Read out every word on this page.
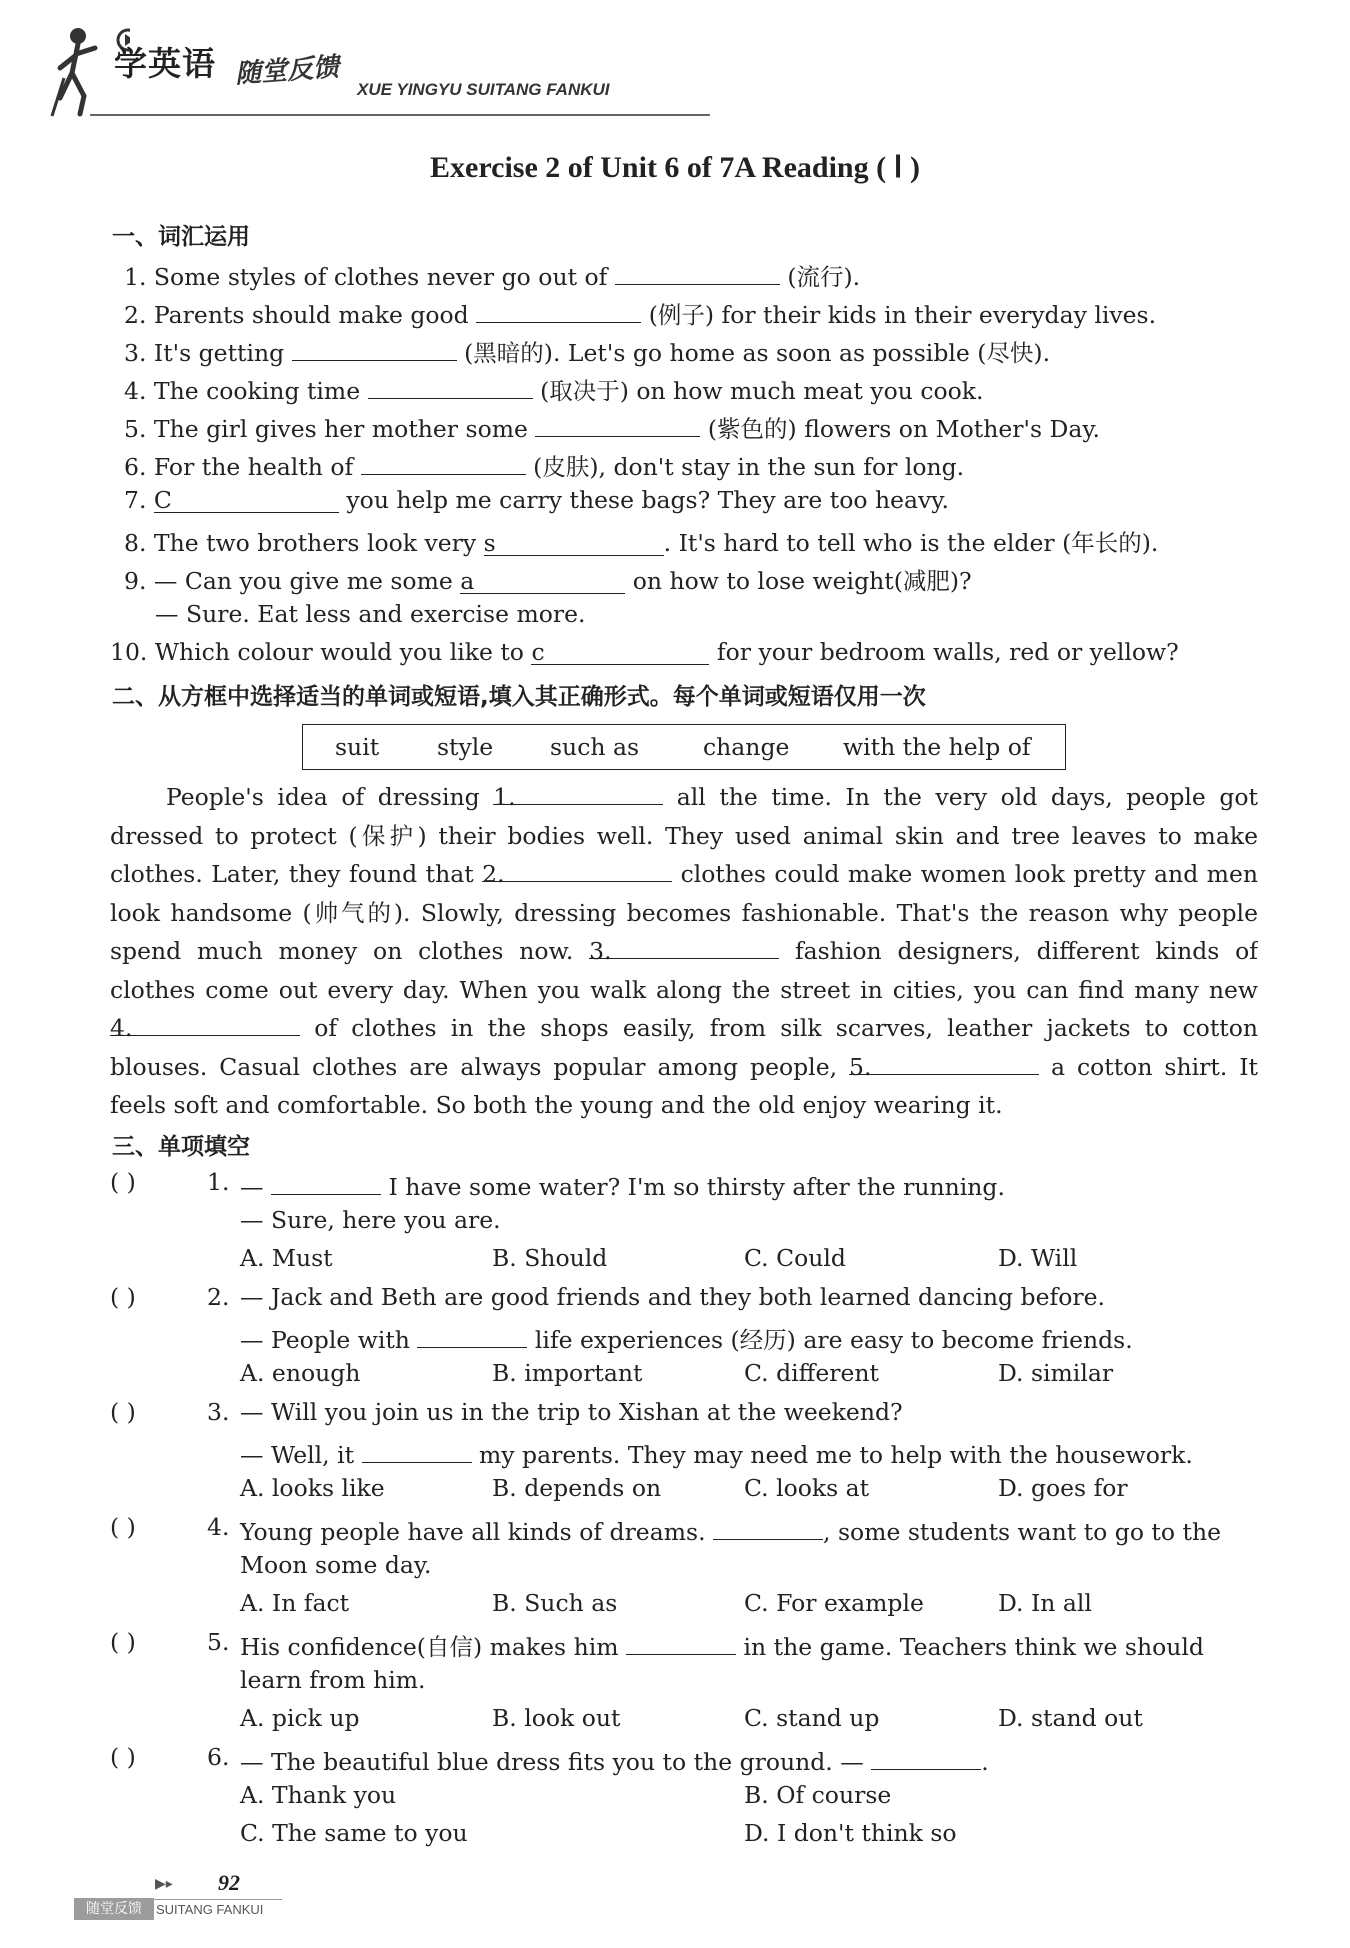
学英语 随堂反馈 XUE YINGYU SUITANG FANKUI
Exercise 2 of Unit 6 of 7A Reading ( Ⅰ )
一、词汇运用
1. Some styles of clothes never go out of	(流行).
2. Parents should make good	(例子) for their kids in their everyday lives.
3. It's getting	(黑暗的). Let's go home as soon as possible (尽快).
4. The cooking time	(取决于) on how much meat you cook.
5. The girl gives her mother some	(紫色的) flowers on Mother's Day.
6. For the health of	(皮肤), don't stay in the sun for long.
7. C	you help me carry these bags? They are too heavy.
8. The two brothers look very s	. It's hard to tell who is the elder (年长的).
9. — Can you give me some a	on how to lose weight(减肥)?
— Sure. Eat less and exercise more.
10. Which colour would you like to c	for your bedroom walls, red or yellow?
二、从方框中选择适当的单词或短语,填入其正确形式。每个单词或短语仅用一次
suit style such as	change with the help of
People's idea of dressing 1.	all the time. In the very old days, people got
dressed to protect (保护) their bodies well. They used animal skin and tree leaves to make
clothes. Later, they found that 2.	clothes could make women look pretty and men
look handsome (帅气的). Slowly, dressing becomes fashionable. That's the reason why people
spend much money on clothes now. 3.	fashion designers, different kinds of
clothes come out every day. When you walk along the street in cities, you can find many new
4.	of clothes in the shops easily, from silk scarves, leather jackets to cotton
blouses. Casual clothes are always popular among people, 5.	a cotton shirt. It
feels soft and comfortable. So both the young and the old enjoy wearing it.
三、单项填空
( )	1. —	I have some water? I'm so thirsty after the running.
— Sure, here you are.
A. Must	B. Should	C. Could	D. Will
( )	2. — Jack and Beth are good friends and they both learned dancing before.
— People with	life experiences (经历) are easy to become friends.
A. enough	B. important	C. different	D. similar
( )	3. — Will you join us in the trip to Xishan at the weekend?
— Well, it	my parents. They may need me to help with the housework.
A. looks like	B. depends on	C. looks at	D. goes for
( )	4. Young people have all kinds of dreams.	, some students want to go to the
Moon some day.
A. In fact	B. Such as	C. For example	D. In all
( )	5. His confidence(自信) makes him	in the game. Teachers think we should
learn from him.
A. pick up	B. look out	C. stand up	D. stand out
( )	6. — The beautiful blue dress fits you to the ground. —	.
A. Thank you	B. Of course
C. The same to you	D. I don't think so
▶▸ 92
随堂反馈	SUITANG FANKUI
